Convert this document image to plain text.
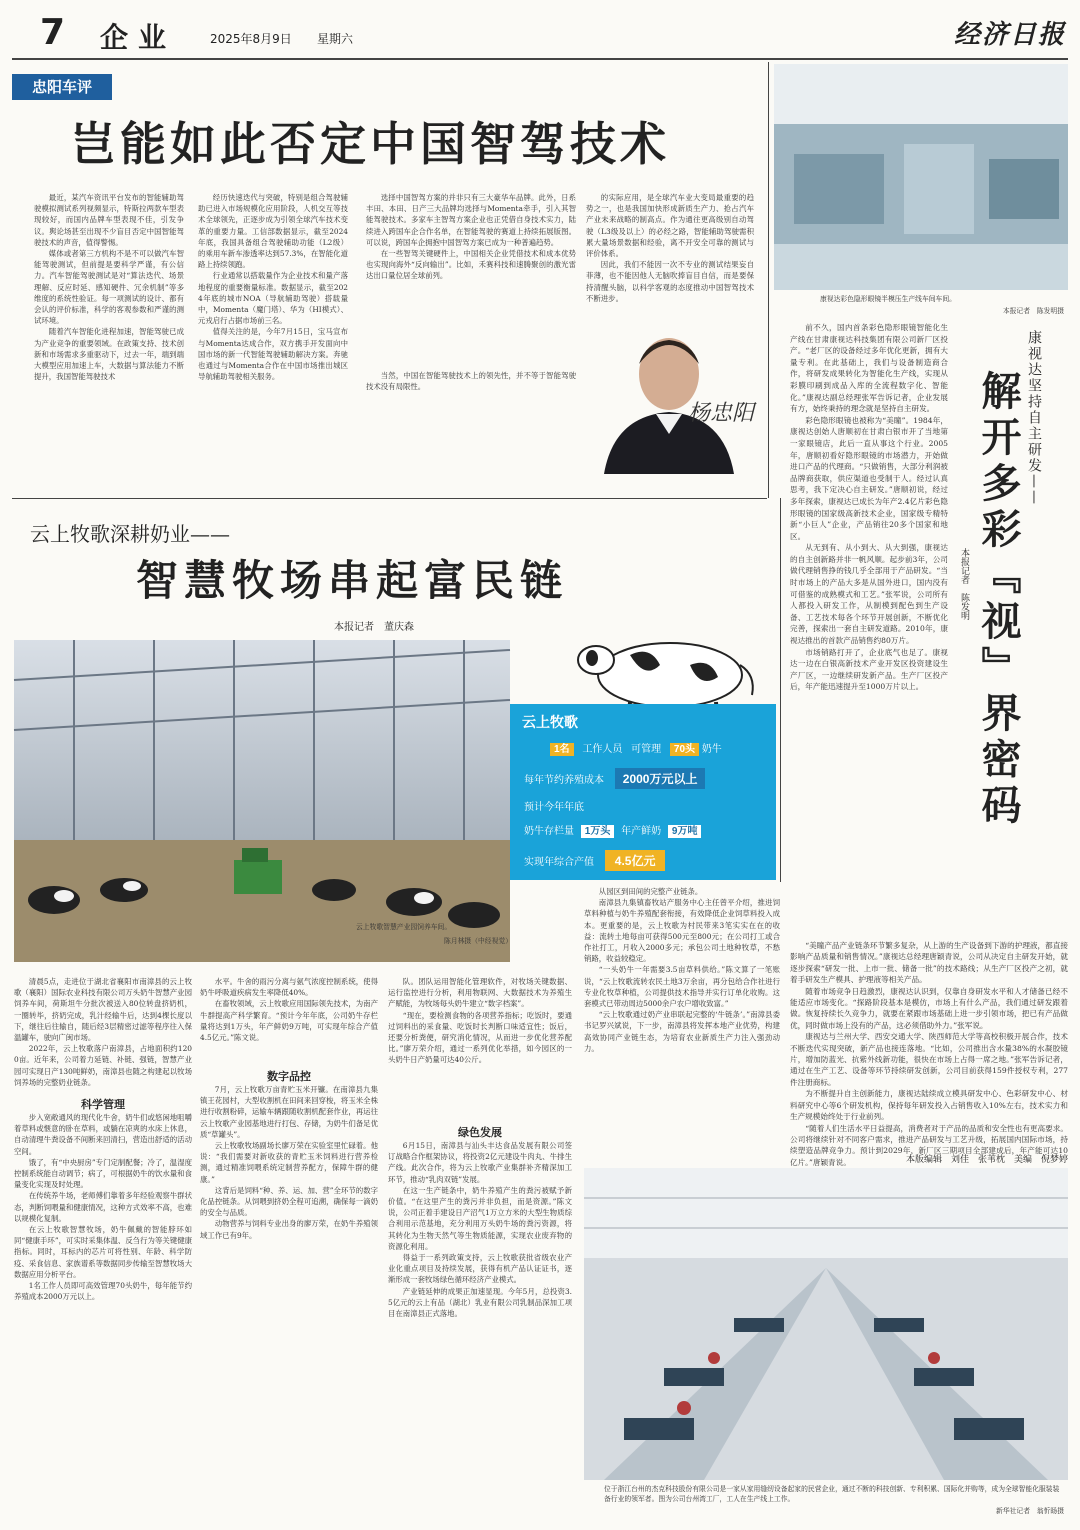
7 企业	2025年8月9日 星期六	经济日报
忠阳车评
岂能如此否定中国智驾技术

最近，某汽车资讯平台发布的智能辅助驾驶模拟测试系列视频显示，特斯拉两款车型表现较好，而国内品牌车型表现不佳，引发争议。舆论场甚至出现不少盲目否定中国智能驾驶技术的声音，值得警惕。

媒体或者第三方机构不是不可以做汽车智能驾驶测试，但前提是要科学严谨，有公信力。汽车智能驾驶测试是对“算法迭代、场景理解、反应时延、感知硬件、冗余机制”等多维度的系统性验证。每一项测试的设计、都有会认的评价标准，科学的客观参数和严谨的测试环境。

随着汽车智能化进程加速，智能驾驶已成为产业竞争的重要领域。在政策支持、技术创新和市场需求多重驱动下，过去一年，端到端大模型应用加速上车，大数据与算法能力不断提升，我国智能驾驶技术

经历快速迭代与突破，特别是组合驾驶辅助已进入市场规模化应用阶段，人机交互等技术全球领先，正逐步成为引领全球汽车技术变革的重要力量。工信部数据显示，截至2024年底，我国具备组合驾驶辅助功能（L2级）的乘用车新车渗透率达到57.3%，在智能化道路上持续领跑。

行业通常以搭载量作为企业技术和量产落地程度的重要衡量标准。数据显示，截至2024年底的城市NOA（导航辅助驾驶）搭载量中，Momenta（魔门塔）、华为（HI模式）、元戎启行占据市场前三名。

值得关注的是，今年7月15日，宝马宣布与Momenta达成合作，双方携手开发面向中国市场的新一代智能驾驶辅助解决方案。奔驰也通过与Momenta合作在中国市场推出城区导航辅助驾驶相关服务。

选择中国智驾方案的并非只有三大豪华车品牌。此外，日系丰田、本田、日产三大品牌均选择与Momenta牵手，引入其智能驾驶技术。多家车主智驾方案企业也正凭借自身技术实力，陆续进入跨国车企合作名单，在智能驾驶的赛道上持续拓展版图。可以说，跨国车企拥抱中国智驾方案已成为一种普遍趋势。

在一些智驾关键硬件上，中国相关企业凭借技术和成本优势也实现向海外“反向输出”。比如，禾赛科技和速腾聚创的激光雷达出口量位居全球前列。

的实际应用，是全球汽车业大变局最重要的趋势之一，也是我国加快形成新质生产力、抢占汽车产业未来战略的制高点。作为通往更高级别自动驾驶（L3级及以上）的必经之路，智能辅助驾驶需积累大量场景数据和经验，离不开安全可靠的测试与评价体系。

因此，我们不能因一次不专业的测试结果妄自菲薄，也不能因他人无脑吹捧盲目自信，而是要保持清醒头脑，以科学客观的态度推动中国智驾技术不断进步。

杨忠阳

当然，中国在智能驾驶技术上的领先性，并不等于智能驾驶技术没有局限性。

康视达彩色隐形眼镜半模压生产线车间车间。
本报记者　陈发明摄

前不久，国内首条彩色隐形眼镜智能化生产线在甘肃康视达科技集团有限公司新厂区投产。“老厂区的设备经过多年优化更新，拥有大量专利。在此基础上，我们与设备制造商合作，将研发成果转化为智能化生产线，实现从彩膜印刷到成品入库的全流程数字化、智能化。”康视达副总经理张军告诉记者，企业发展有方，始终秉持的理念就是坚持自主研发。

彩色隐形眼镜也被称为“美瞳”。1984年，康视达创始人唐顺初在甘肃白银市开了当地第一家眼镜店，此后一直从事这个行业。2005年，唐顺初看好隐形眼镜的市场潜力，开始做进口产品的代理商。“只做销售，大部分利润被品牌商获取，供应渠道也受制于人。经过认真思考，我下定决心自主研发。”唐顺初说，经过多年探索，康视达已成长为年产2.4亿片彩色隐形眼镜的国家级高新技术企业，国家级专精特新“小巨人”企业，产品销往20多个国家和地区。

从无到有、从小到大、从大到强，康视达的自主创新路并非一帆风顺。起步前3年，公司做代理销售挣的钱几乎全部用于产品研发。“当时市场上的产品大多是从国外进口，国内没有可借鉴的成熟模式和工艺。”张军说，公司所有人都投入研发工作，从制模到配色到生产设备、工艺技术每各个环节开展创新，不断优化完善，探索出一套自主研发道路。2010年，康视达推出的首款产品销售约80万片。

市场销路打开了，企业底气也足了。康视达一边在白银高新技术产业开发区投资建设生产厂区，一边继续研发新产品。生产厂区投产后，年产能迅速提升至1000万片以上。

康视达坚持自主研发——
本报记者　陈发明 解开多彩『视』界密码

“美瞳产品产业链条环节繁多复杂，从上游的生产设备到下游的护理液，都直接影响产品质量和销售情况。”康视达总经理唐颖青说，公司从决定自主研发开始，就逐步探索“研发一批、上市一批、储备一批”的技术路线；从生产厂区投产之初，就着手研发生产模具、护理液等相关产品。

随着市场竞争日趋激烈，康视达认识到，仅靠自身研发水平和人才储备已经不能适应市场变化。“探路阶段基本是模仿，市场上有什么产品，我们通过研发跟着做。恢复持续长久竞争力，就要在紧跟市场基础上进一步引领市场，把已有产品做优，同时做市场上没有的产品，这必须借助外力。”张军说。

康视达与兰州大学、西安交通大学、陕西师范大学等高校积极开展合作，技术不断迭代实现突破，新产品也接连落地。“比如，公司推出含水量38%的水凝胶镜片，增加防蓝光、抗紫外线新功能，很快在市场上占得一席之地。”张军告诉记者，通过在生产工艺、设备等环节持续研发创新，公司目前获得159件授权专利，277件注册商标。

为不断提升自主创新能力，康视达陆续成立模具研发中心、色彩研发中心、材料研究中心等6个研发机构，保持每年研发投入占销售收入10%左右，技术实力和生产规模始终处于行业前列。

“随着人们生活水平日益提高，消费者对于产品的品质和安全性也有更高要求。公司将继续针对不同客户需求，推进产品研发与工艺升级，拓展国内国际市场，持续塑造品牌竞争力。预计到2029年，新厂区三期项目全部建成后，年产能可达10亿片。”唐颖青说。	本版编辑　刘佳　张苇枕　美编　倪梦婷
云上牧歌深耕奶业——
智慧牧场串起富民链
本报记者　董庆森
云上牧歌智慧产业园饲养车间。
陈月林摄（中经视觉）
云上牧歌
1名 工作人员 可管理 70头 奶牛
每年节约养殖成本 2000万元以上
预计今年年底
奶牛存栏量 1万头 年产鲜奶 9万吨
实现年综合产值 4.5亿元

清晨5点，走进位于湖北省襄阳市南漳县的云上牧歌（襄阳）国际农业科技有限公司万头奶牛智慧产业园饲养车间，荷斯坦牛分批次被送入80位转盘挤奶机，一圈转毕，挤奶完成，乳汁经输牛后，达到4棵长度以下，继往后往输自，随后经3层精密过滤等程序往入保温罐车，驶向广闽市场。

2022年，云上牧歌落户南漳县，占地面积约1200亩。近年来，公司着力延链、补链、强链，智慧产业园可实现日产130吨鲜奶，南漳县也随之构建起以牧场饲养场的完整奶业链条。

科学管理

步入宽敞通风的现代化牛舍，奶牛们或悠闲地咀嚼着草料或惬意的卧在草料，或躺在凉爽的水床上休息，自动清理牛粪设备不间断来回清扫，营造出舒适的活动空间。

饿了，有“中央厨房”专门定制配餐；冷了，温湿度控制系统能自动调节；病了，可根据奶牛的饮水量和食量变化实现及时处理。

在传统养牛场，老师傅们靠着多年经验观察牛群状态，判断饲喂量和健康情况，这种方式效率不高，也难以规模化复制。

在云上牧歌智慧牧场，奶牛佩戴的智能脖环如同“健康手环”，可实时采集体温、反刍行为等关键健康指标。同时，耳标内的芯片可将性别、年龄、科学防疫、采食信息、家族谱系等数据同步传输至智慧牧场大数据应用分析平台。

1名工作人员即可高效管理70头奶牛，每年能节约养殖成本2000万元以上。

水平。牛舍的雨污分离与氨气浓度控制系统，使得奶牛呼吸道疾病发生率降低40%。

在畜牧领域，云上牧歌应用国际领先技术，为南产牛群提高产科学繁育。“预计今年年底，公司奶牛存栏量将达到1万头，年产鲜奶9万吨，可实现年综合产值4.5亿元。”陈文说。

数字品控

7月，云上牧歌万亩青贮玉米开镰。在南漳县九集镇王花园村，大型收割机在田间来回穿梭，将玉米全株进行收割粉碎，运输车辆跟随收割机配套作业，再运往云上牧歌产业园基地进行打包、存储，为奶牛们备足优质“草罐头”。

云上牧歌牧场副场长廖万荣在实验室里忙碌着。他说：“我们需要对新收获的青贮玉米饲料进行营养检测，通过精准饲喂系统定制营养配方，保障牛群的健康。”

这背后是饲料“种、养、运、加、营”全环节的数字化品控链条。从饲喂到挤奶全程可追溯，确保每一滴奶的安全与品质。

动物营养与饲料专业出身的廖万荣，在奶牛养殖领域工作已有9年。

队。团队运用智能化管理软件，对牧场关键数据、运行监控进行分析，利用物联网、大数据技术为养殖生产赋能，为牧场每头奶牛建立“数字档案”。

“现在，要检测食物的各项营养指标；吃饭时，要通过饲料出的采食量、吃饭时长判断口味适宜性；饭后，还要分析粪便，研究消化情况，从而进一步优化营养配比。”廖万荣介绍，通过一系列优化举措，如今园区的一头奶牛日产奶量可达40公斤。

绿色发展

6月15日，南漳县与汕头丰达食品发展有限公司签订战略合作框架协议，将投资2亿元建设牛肉丸、牛排生产线。此次合作，将为云上牧歌产业集群补齐精深加工环节，推动“乳肉双链”发展。

在这一生产链条中，奶牛养殖产生的粪污被赋予新价值。“在这里产生的粪污并非负担，而是资源。”陈文说，公司正着手建设日产沼气1万立方米的大型生物质综合利用示范基地，充分利用万头奶牛场的粪污资源，将其转化为生物天然气等生物质能源，实现农业废弃物的资源化利用。

得益于一系列政策支持，云上牧歌获批省级农业产业化重点项目及持续发展，获得有机产品认证证书，逐渐形成一套牧场绿色循环经济产业模式。

产业链延伸的成果正加速显现。今年5月，总投资3.5亿元的云上有品（湖北）乳业有限公司乳制品深加工项目在南漳县正式落地。

从园区到田间的完整产业链条。

南漳县九集镇畜牧站产服务中心主任曾平介绍，推进饲草料种植与奶牛养殖配套衔接，有效降低企业饲草料投入成本。更重要的是，云上牧歌为村民带来3笔实实在在的收益：流转土地每亩可获得500元至800元；在公司打工或合作社打工，月收入2000多元；承包公司土地种牧草，不愁销路，收益较稳定。

“一头奶牛一年需要3.5亩草料供给。”陈文算了一笔账说，“云上牧歌流转农民土地3万余亩，再分包给合作社进行专业化牧草种植，公司提供技术指导并实行订单化收购。这套模式已带动周边5000余户农户增收致富。”

“云上牧歌通过奶产业串联起完整的‘牛链条’。”南漳县委书记罗兴斌说，下一步，南漳县将发挥本地产业优势，构建高效协同产业链生态，为培育农业新质生产力注入强劲动力。

位于浙江台州的杰克科技股份有限公司是一家从家用缝纫设备起家的民营企业，通过不断的科技创新、专利积累、国际化并购等，成为全球智能化服装装备行业的领军者。图为公司台州湾工厂，工人在生产线上工作。
新华社记者　翁忻旸摄
